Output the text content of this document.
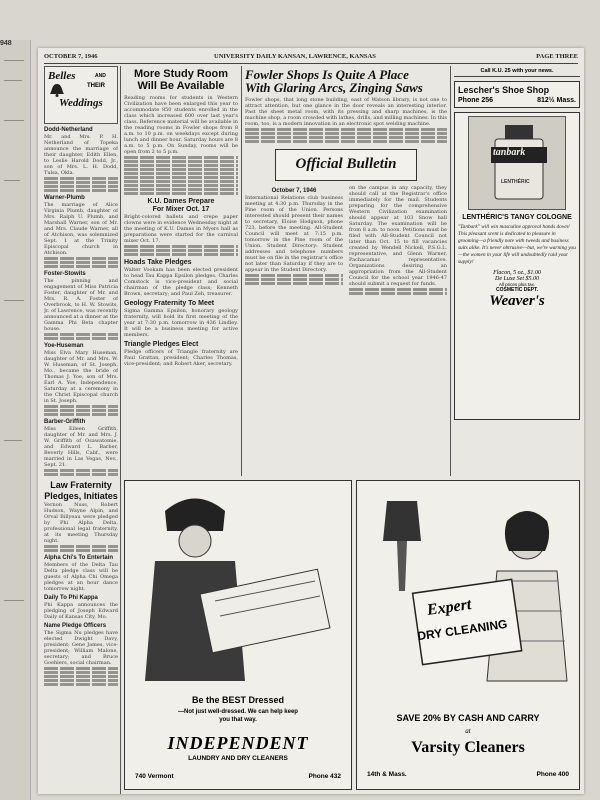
948
OCTOBER 7, 1946	UNIVERSITY DAILY KANSAN, LAWRENCE, KANSAS	PAGE THREE
Belles	AND
THEIR
Weddings
Dodd-Netherland
Mr. and Mrs. P. H. Netherland of Topeka announce the marriage of their daughter, Edith Ellen, to Leslie Harold Dodd, Jr., son of Mrs. L. H. Dodd, Tulsa, Okla.
Warner-Plumb
The marriage of Alice Virginia Plumb, daughter of Mrs. Ralph U. Plumb, and Marshall Warner, son of Mr. and Mrs. Claude Warner, all of Atchison, was solemnized Sept. 1 at the Trinity Episcopal church in Atchison.
Foster-Stowits
The pinning and engagement of Miss Patricia Foster, daughter of Mr. and Mrs. R. A. Foster of Overbrook, to H. W. Stowits, Jr. of Lawrence, was recently announced at a dinner at the Gamma Phi Beta chapter house.
Yoe-Huseman
Miss Elva Mary Huseman, daughter of Mr. and Mrs. W. W. Huseman, of St. Joseph, Mo., became the bride of Thomas J. Yoe, son of Mrs. Earl A. Yoe, Independence, Saturday at a ceremony in the Christ Episcopal church in St. Joseph.
Barber-Griffith
Miss Eileen Griffith, daughter of Mr. and Mrs. J. W. Griffith of Osawatomie, and Edward L. Barber, Beverly Hills, Calif., were married in Las Vegas, Nev., Sept. 21.
Law Fraternity
Pledges, Initiates
Vernon Nuss, Robert Hudson, Wayne Alpin, and Orval Billyeau were pledged by Phi Alpha Delta, professional legal fraternity, at its meeting Thursday night.
Alpha Chi's To Entertain
Members of the Delta Tau Delta pledge class will be guests of Alpha Chi Omega pledges at an hour dance tomorrow night.
Daily To Phi Kappa
Phi Kappa announces the pledging of Joseph Edward Daily of Kansas City, Mo.
Name Pledge Officers
The Sigma Nu pledges have elected Dwight Davy, president; Gene James, vice-president; William Malone, secretary; and Bruce Goehlers, social chairman.
More Study Room
Will Be Available
Reading rooms for students in Western Civilization have been enlarged this year to accommodate 850 students enrolled in the class which increased 600 over last year's class. Reference material will be available in the reading rooms in Fowler shops from 8 a.m. to 10 p.m. on weekdays except during lunch and dinner hour. Saturday hours are 8 a.m. to 5 p.m. On Sunday, rooms will be open from 2 to 5 p.m.
K.U. Dames Prepare
For Mixer Oct. 17
Bright-colored ballets and crepe paper clowns were in evidence Wednesday night at the meeting of K.U. Dames in Myers hall as preparations were started for the carnival mixer Oct. 17.
Hoads Take Pledges
Walter Vookam has been elected president to head Tau Kappa Epsilon pledges. Charles Comstock is vice-president and social chairman of the pledge class; Kenneth Brown, secretary; and Paul Zeh, treasurer.
Geology Fraternity To Meet
Sigma Gamma Epsilon, honorary geology fraternity, will hold its first meeting of the year at 7:30 p.m. tomorrow in 436 Lindley. It will be a business meeting for active members.
Triangle Pledges Elect
Pledge officers of Triangle fraternity are Paul Grattan, president; Charles Thomas, vice-president; and Robert Aker, secretary.
Fowler Shops Is Quite A Place
With Glaring Arcs, Zinging Saws
Fowler shops, that long stone building, east of Watson library, is not one to attract attention, but one glance in the door reveals an interesting interior. Past the sheet metal room, with its pressing and sharp machines, is the machine shop, a room crowded with lathes, drills, and milling machines. In this room, too, is a modern innovation in an electronic spot welding machine.
Official Bulletin
October 7, 1946
International Relations club business meeting at 4:30 p.m. Thursday in the Pine room of the Union. Persons interested should present their names to secretary, Eloise Hodgson, phone 723, before the meeting. All-Student Council will meet at 7:15 p.m. tomorrow in the Pine room of the Union. Student Directory: Student addresses and telephone numbers must be on file in the registrar's office not later than Saturday if they are to appear in the Student Directory.
on the campus in any capacity, they should call at the Registrar's office immediately for the mail. Students preparing for the comprehensive Western Civilization examination should appear at 103 Snow hall Saturday. The examination will be from 8 a.m. to noon. Petitions must be filed with All-Student Council not later than Oct. 15 to fill vacancies created by Wendell Nickell, P.S.G.L. representative, and Glenn Warner, Pachacamac representative. Organizations desiring an appropriation from the All-Student Council for the school year 1946-47 should submit a request for funds.
Call K.U. 25 with your news.
Lescher's Shoe Shop
Phone 256	812½ Mass.
tanbark
LENTHÉRIC
LENTHÉRIC'S TANGY COLOGNE
"Tanbark" will win masculine approval hands down! This pleasant scent is dedicated to pleasure in grooming—a friendly note with tweeds and business suits alike. It's never obtrusive—but, we're warning you—the women in your life will undoubtedly raid your supply!
Flacon, 5 oz., $1.00
De Luxe Set $5.00
All prices plus tax.
COSMETIC DEPT.
Weaver's
Be the BEST Dressed
—Not just well-dressed. We can help keep
you that way.
INDEPENDENT
LAUNDRY AND DRY CLEANERS
740 Vermont	Phone 432
Expert
DRY CLEANING
SAVE 20% BY CASH AND CARRY
at
Varsity Cleaners
14th & Mass.	Phone 400
